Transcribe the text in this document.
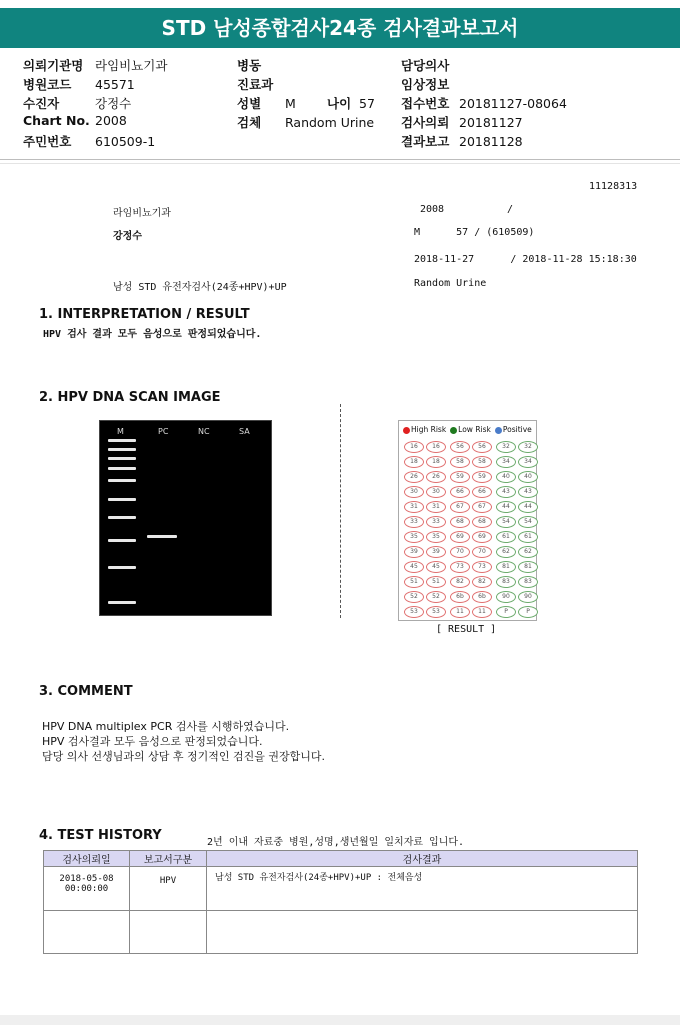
STD 남성종합검사24종 검사결과보고서
의뢰기관명 라임비뇨기과
병원코드 45571
수진자	강정수
Chart No. 2008
주민번호 610509-1
병동
진료과
성별 M 나이 57
검체 Random Urine
담당의사
임상정보
접수번호 20181127-08064
검사의뢰 20181127
결과보고 20181128
11128313
라임비뇨기과	2008	/
강정수	M      57 / (610509)
2018-11-27      / 2018-11-28 15:18:30
남성 STD 유전자검사(24종+HPV)+UP	Random Urine
1. INTERPRETATION / RESULT
HPV 검사 결과 모두 음성으로 판정되었습니다.
2. HPV DNA SCAN IMAGE
M	PC	NC	SA	High Risk	Low Risk	Positive
16	16	56	56	32	32
18	18	58	58	34	34
26	26	59	59	40	40
30	30	66	66	43	43
31	31	67	67	44	44
33	33	68	68	54	54
35	35	69	69	61	61
39	39	70	70	62	62
45	45	73	73	81	81
51	51	82	82	83	83
52	52	6b	6b	90	90
53	53	11	11	P	P
[ RESULT ]
3. COMMENT
HPV DNA multiplex PCR 검사를 시행하였습니다.
HPV 검사결과 모두 음성으로 판정되었습니다.
담당 의사 선생님과의 상담 후 정기적인 검진을 권장합니다.
4. TEST HISTORY	2년 이내 자료중 병원,성명,생년월일 일치자료 입니다.
검사의뢰일	보고서구분	검사결과

2018-05-08
00:00:00	HPV	남성 STD 유전자검사(24종+HPV)+UP : 전체음성
